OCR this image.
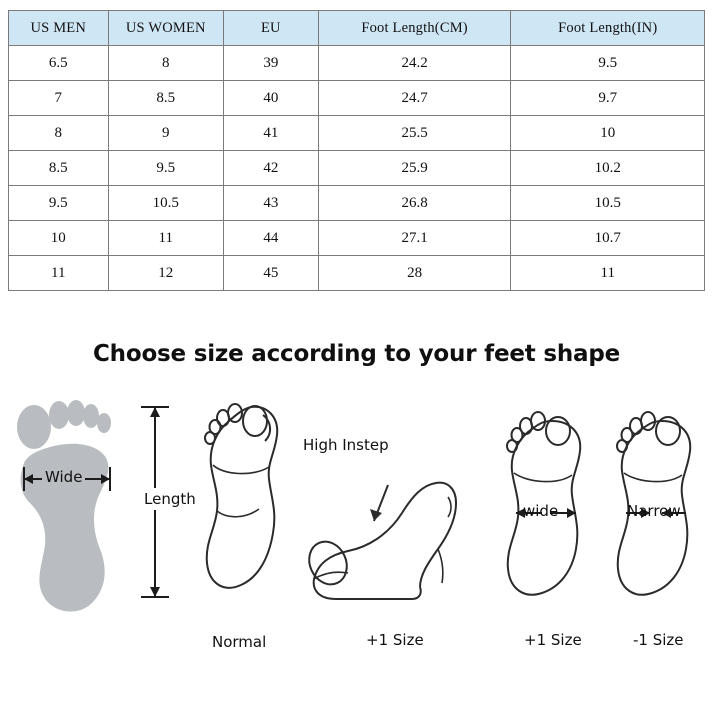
US MEN	US WOMEN	EU	Foot Length(CM)	Foot Length(IN)
6.5	8	39	24.2	9.5
7	8.5	40	24.7	9.7
8	9	41	25.5	10
8.5	9.5	42	25.9	10.2
9.5	10.5	43	26.8	10.5
10	11	44	27.1	10.7
11	12	45	28	11
Choose size according to your feet shape
Wide
Length
Normal
High Instep
+1 Size
wide
+1 Size
Narrow
-1 Size
